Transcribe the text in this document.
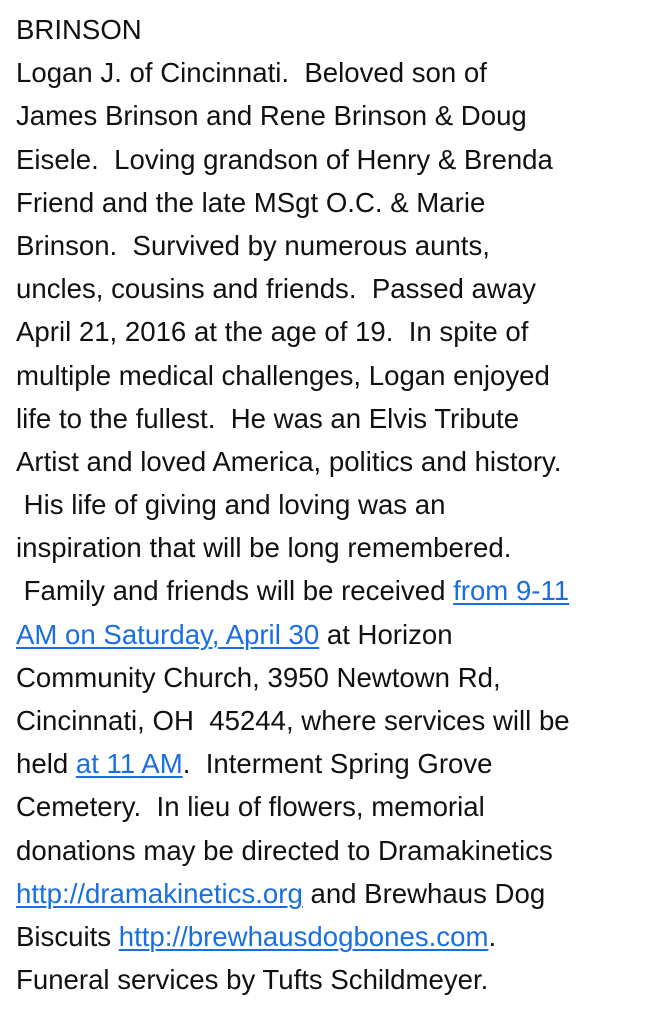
BRINSON
Logan J. of Cincinnati.  Beloved son of
James Brinson and Rene Brinson & Doug
Eisele.  Loving grandson of Henry & Brenda
Friend and the late MSgt O.C. & Marie
Brinson.  Survived by numerous aunts,
uncles, cousins and friends.  Passed away
April 21, 2016 at the age of 19.  In spite of
multiple medical challenges, Logan enjoyed
life to the fullest.  He was an Elvis Tribute
Artist and loved America, politics and history.
His life of giving and loving was an
inspiration that will be long remembered.
Family and friends will be received from 9-11
AM on Saturday, April 30 at Horizon
Community Church, 3950 Newtown Rd,
Cincinnati, OH  45244, where services will be
held at 11 AM.  Interment Spring Grove
Cemetery.  In lieu of flowers, memorial
donations may be directed to Dramakinetics
http://dramakinetics.org and Brewhaus Dog
Biscuits http://brewhausdogbones.com.
Funeral services by Tufts Schildmeyer.
